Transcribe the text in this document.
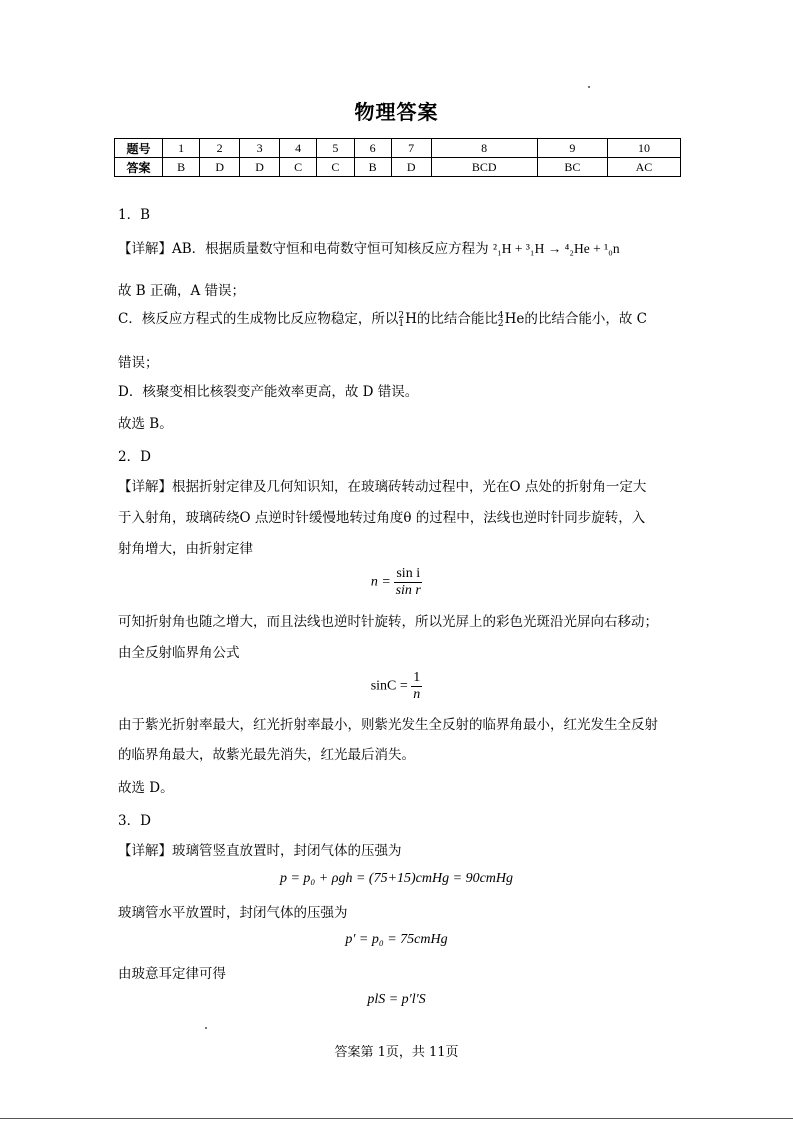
物理答案
题号	1	2	3	4	5	6	7	8	9	10
答案	B	D	D	C	C	B	D	BCD	BC	AC
1．B
【详解】AB．根据质量数守恒和电荷数守恒可知核反应方程为 ²₁H + ³₁H → ⁴₂He + ¹₀n
故 B 正确，A 错误；
C．核反应方程式的生成物比反应物稳定，所以 2
1 H的比结合能比 4
2 He的比结合能小，故 C
错误；
D．核聚变相比核裂变产能效率更高，故 D 错误。
故选 B。
2．D
【详解】根据折射定律及几何知识知，在玻璃砖转动过程中，光在O 点处的折射角一定大
于入射角，玻璃砖绕O 点逆时针缓慢地转过角度θ 的过程中，法线也逆时针同步旋转，入
射角增大，由折射定律
$n = \frac{\text{sin i}}{\text{sin r}}$
可知折射角也随之增大，而且法线也逆时针旋转，所以光屏上的彩色光斑沿光屏向右移动；
由全反射临界角公式
$\sin C = \frac{1}{n}$
由于紫光折射率最大，红光折射率最小，则紫光发生全反射的临界角最小，红光发生全反射
的临界角最大，故紫光最先消失，红光最后消失。
故选 D。
3．D
【详解】玻璃管竖直放置时，封闭气体的压强为
p = p₀ + ρgh = (75+15)cmHg = 90cmHg
玻璃管水平放置时，封闭气体的压强为
p′ = p₀ = 75cmHg
由玻意耳定律可得
plS = p′l′S
答案第 1页，共 11页
